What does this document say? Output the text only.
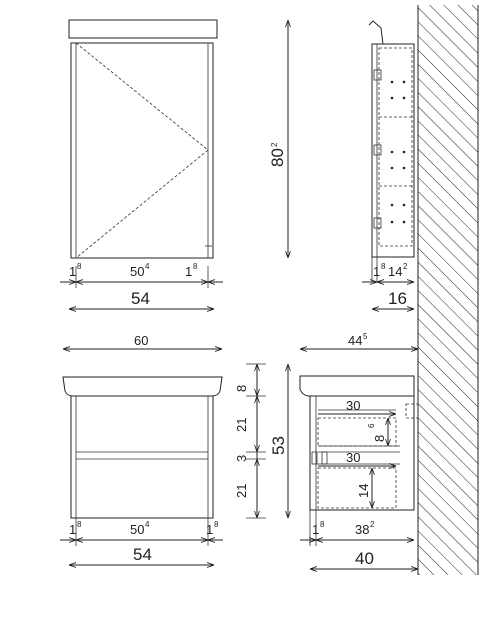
1 8	50 4	1 8
54
80
2
1 8 14 2
16
60
8
21
3
21
53
1 8	50 4	1 8
54
44 5
30
30
8
6
14
1 8 38 2
40
